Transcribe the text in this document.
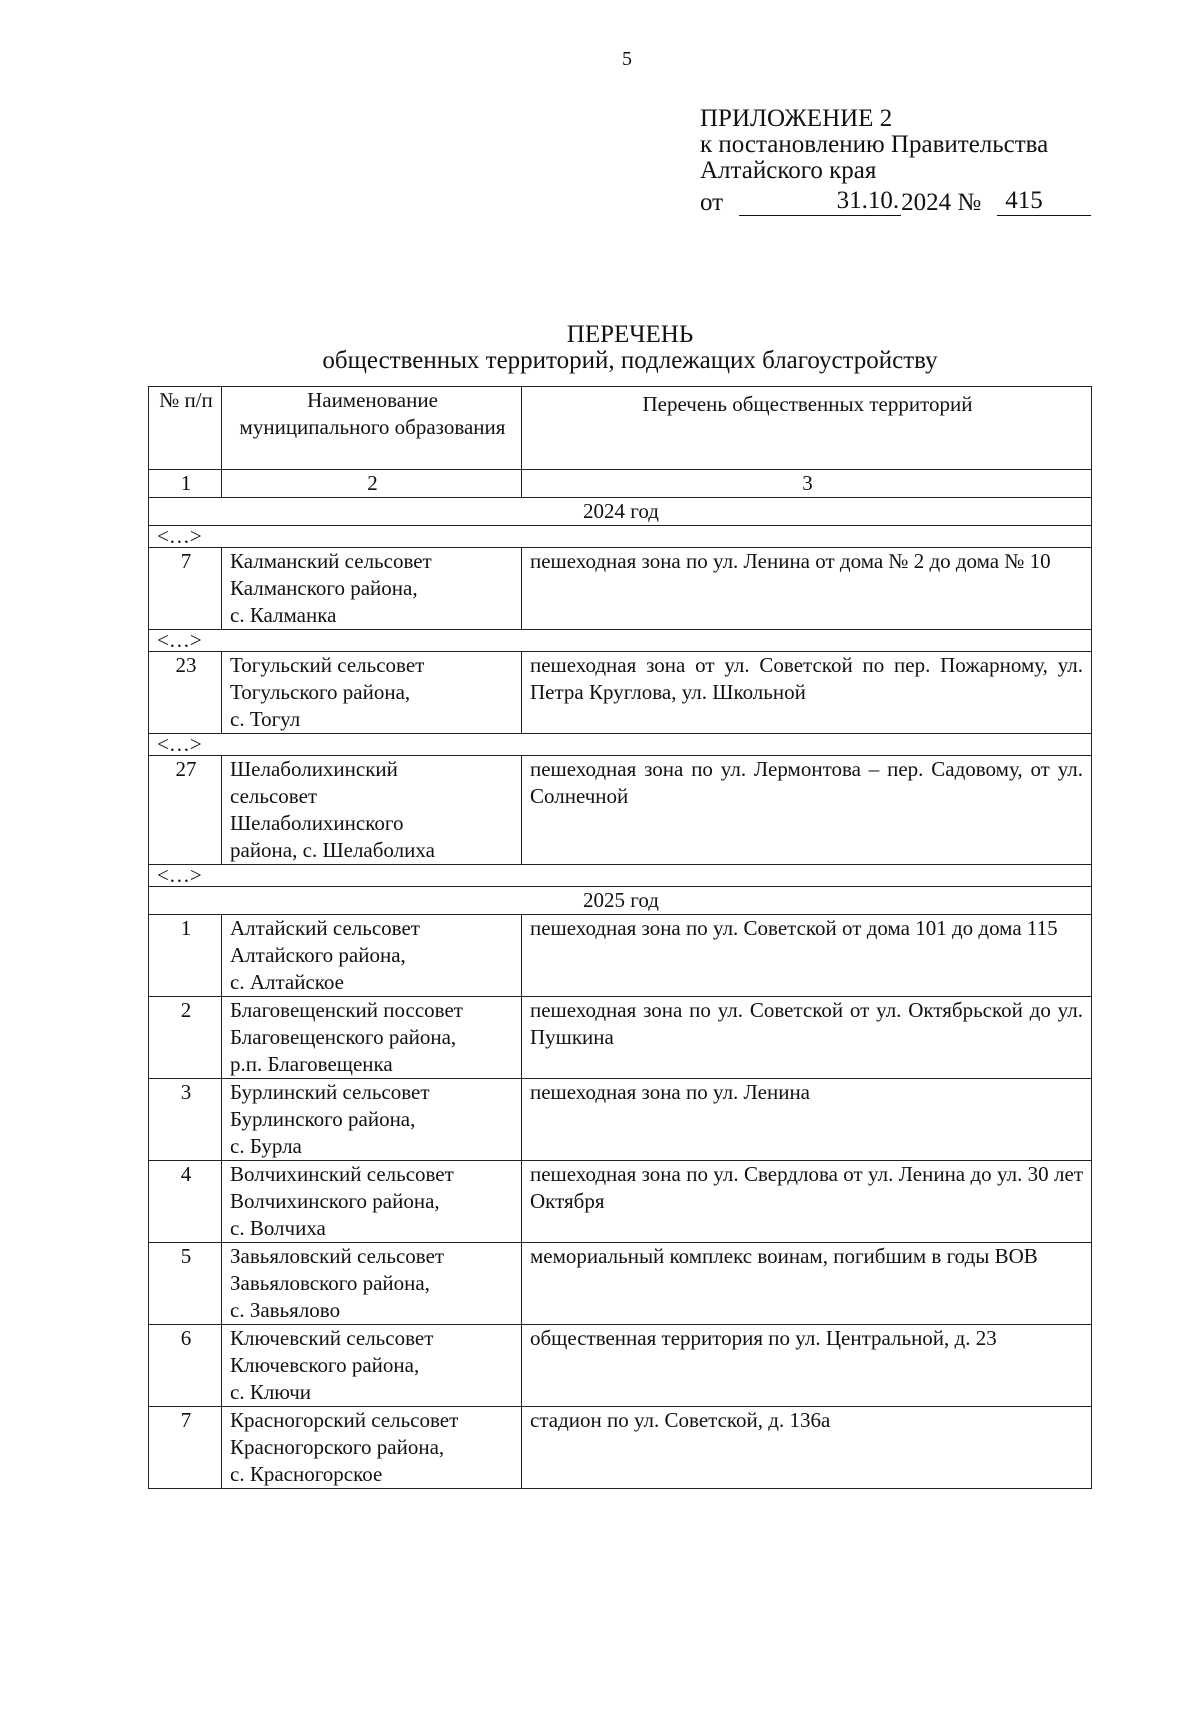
5
ПРИЛОЖЕНИЕ 2
к постановлению Правительства
Алтайского края
от	31.10. 2024 № 415
ПЕРЕЧЕНЬ
общественных территорий, подлежащих благоустройству
№ п/п	Наименование муниципального образования	Перечень общественных территорий
1	2	3
2024 год		
<…>		
7	Калманский сельсовет
Калманского района,
с. Калманка	пешеходная зона по ул. Ленина от дома № 2 до дома № 10
<…>		
23	Тогульский сельсовет
Тогульского района,
с. Тогул	пешеходная зона от ул. Советской по пер. Пожарному, ул. Петра Круглова, ул. Школьной
<…>		
27	Шелаболихинский
сельсовет
Шелаболихинского
района, с. Шелаболиха	пешеходная зона по ул. Лермонтова – пер. Садовому, от ул. Солнечной
<…>		
2025 год		
1	Алтайский сельсовет
Алтайского района,
с. Алтайское	пешеходная зона по ул. Советской от дома 101 до дома 115
2	Благовещенский поссовет
Благовещенского района,
р.п. Благовещенка	пешеходная зона по ул. Советской от ул. Октябрьской до ул. Пушкина
3	Бурлинский сельсовет
Бурлинского района,
с. Бурла	пешеходная зона по ул. Ленина
4	Волчихинский сельсовет
Волчихинского района,
с. Волчиха	пешеходная зона по ул. Свердлова от ул. Ленина до ул. 30 лет Октября
5	Завьяловский сельсовет
Завьяловского района,
с. Завьялово	мемориальный комплекс воинам, погибшим в годы ВОВ
6	Ключевский сельсовет
Ключевского района,
с. Ключи	общественная территория по ул. Центральной, д. 23
7	Красногорский сельсовет
Красногорского района,
с. Красногорское	стадион по ул. Советской, д. 136а
